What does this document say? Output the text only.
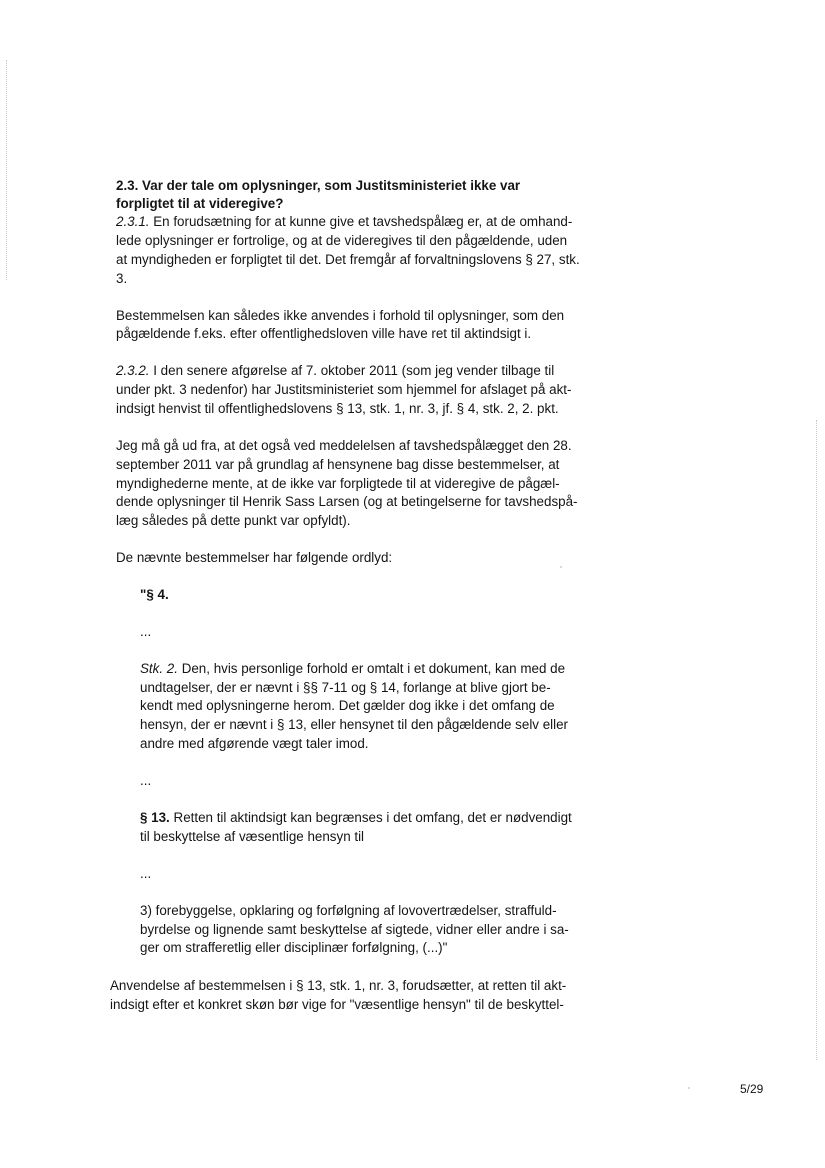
2.3. Var der tale om oplysninger, som Justitsministeriet ikke var
forpligtet til at videregive?
2.3.1. En forudsætning for at kunne give et tavshedspålæg er, at de omhand-
lede oplysninger er fortrolige, og at de videregives til den pågældende, uden
at myndigheden er forpligtet til det. Det fremgår af forvaltningslovens § 27, stk.
3.
Bestemmelsen kan således ikke anvendes i forhold til oplysninger, som den
pågældende f.eks. efter offentlighedsloven ville have ret til aktindsigt i.
2.3.2. I den senere afgørelse af 7. oktober 2011 (som jeg vender tilbage til
under pkt. 3 nedenfor) har Justitsministeriet som hjemmel for afslaget på akt-
indsigt henvist til offentlighedslovens § 13, stk. 1, nr. 3, jf. § 4, stk. 2, 2. pkt.
Jeg må gå ud fra, at det også ved meddelelsen af tavshedspålægget den 28.
september 2011 var på grundlag af hensynene bag disse bestemmelser, at
myndighederne mente, at de ikke var forpligtede til at videregive de pågæl-
dende oplysninger til Henrik Sass Larsen (og at betingelserne for tavshedspå-
læg således på dette punkt var opfyldt).
De nævnte bestemmelser har følgende ordlyd:
"§ 4.
...
Stk. 2. Den, hvis personlige forhold er omtalt i et dokument, kan med de
undtagelser, der er nævnt i §§ 7-11 og § 14, forlange at blive gjort be-
kendt med oplysningerne herom. Det gælder dog ikke i det omfang de
hensyn, der er nævnt i § 13, eller hensynet til den pågældende selv eller
andre med afgørende vægt taler imod.
...
§ 13. Retten til aktindsigt kan begrænses i det omfang, det er nødvendigt
til beskyttelse af væsentlige hensyn til
...
3) forebyggelse, opklaring og forfølgning af lovovertrædelser, straffuld-
byrdelse og lignende samt beskyttelse af sigtede, vidner eller andre i sa-
ger om strafferetlig eller disciplinær forfølgning, (...)"
Anvendelse af bestemmelsen i § 13, stk. 1, nr. 3, forudsætter, at retten til akt-
indsigt efter et konkret skøn bør vige for "væsentlige hensyn" til de beskyttel-
5/29
